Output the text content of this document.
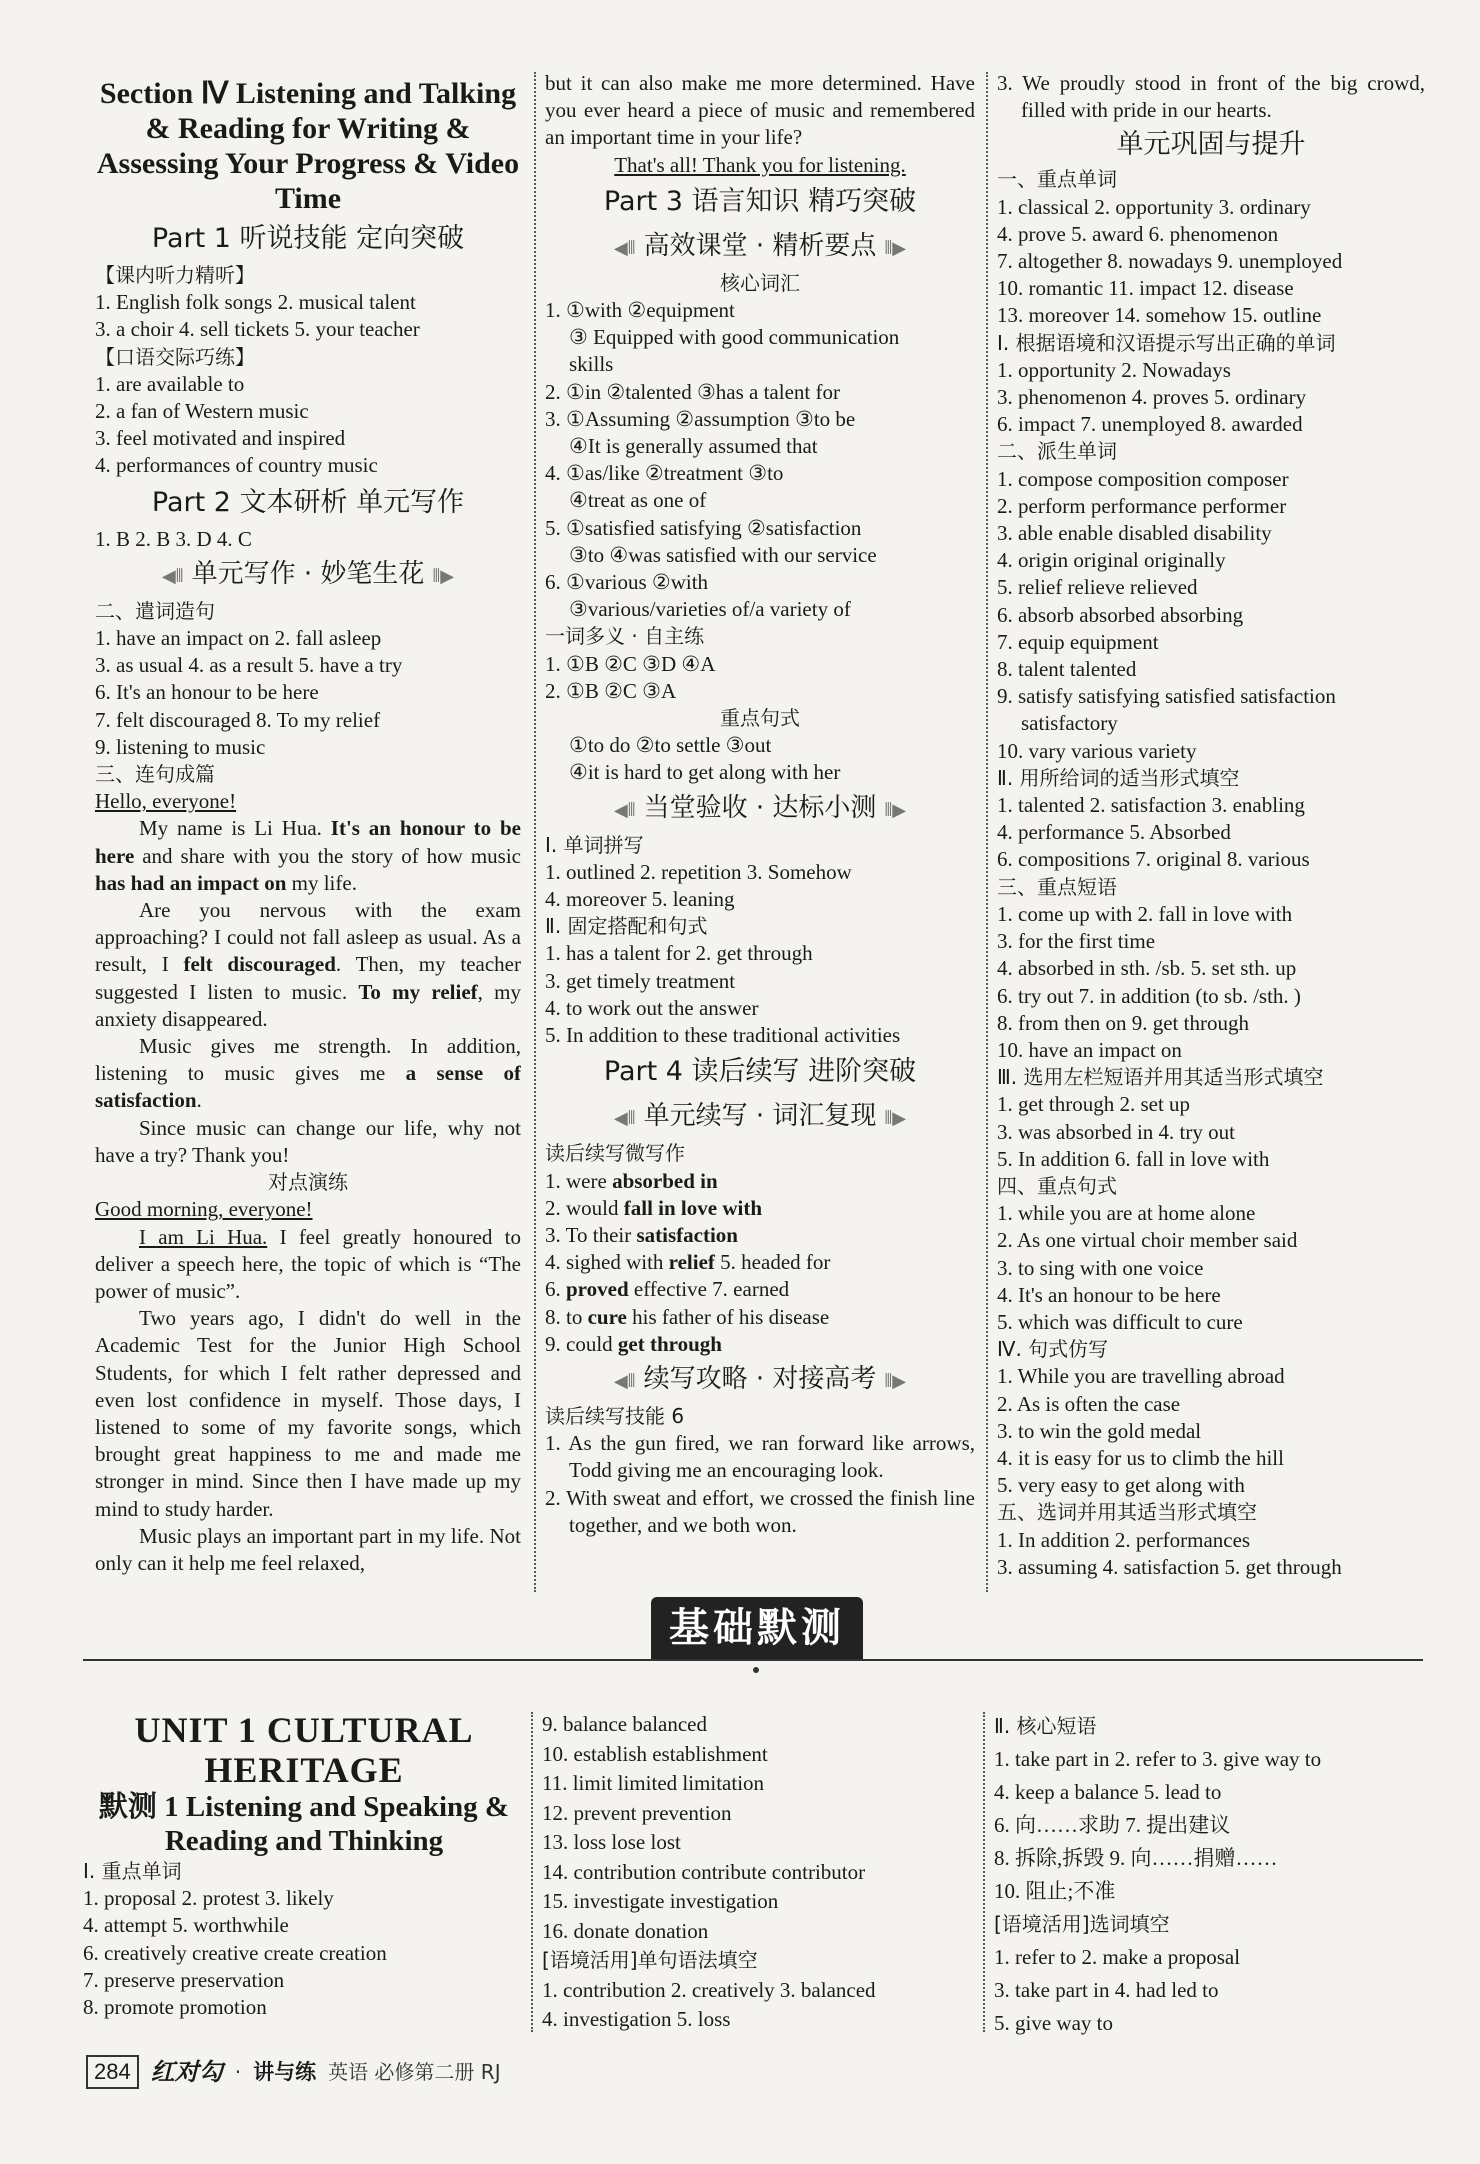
Section Ⅳ Listening and Talking & Reading for Writing & Assessing Your Progress & Video Time

Part 1 听说技能 定向突破

【课内听力精听】

1. English folk songs 2. musical talent

3. a choir 4. sell tickets 5. your teacher

【口语交际巧练】

1. are available to

2. a fan of Western music

3. feel motivated and inspired

4. performances of country music

Part 2 文本研析 单元写作

1. B 2. B 3. D 4. C

◀⦀ 单元写作 · 妙笔生花 ⦀▶

二、遣词造句

1. have an impact on 2. fall asleep

3. as usual 4. as a result 5. have a try

6. It's an honour to be here

7. felt discouraged 8. To my relief

9. listening to music

三、连句成篇

Hello, everyone!

My name is Li Hua. It's an honour to be here and share with you the story of how music has had an impact on my life.

Are you nervous with the exam approaching? I could not fall asleep as usual. As a result, I felt discouraged. Then, my teacher suggested I listen to music. To my relief, my anxiety disappeared.

Music gives me strength. In addition, listening to music gives me a sense of satisfaction.

Since music can change our life, why not have a try? Thank you!

对点演练

Good morning, everyone!

I am Li Hua. I feel greatly honoured to deliver a speech here, the topic of which is “The power of music”.

Two years ago, I didn't do well in the Academic Test for the Junior High School Students, for which I felt rather depressed and even lost confidence in myself. Those days, I listened to some of my favorite songs, which brought great happiness to me and made me stronger in mind. Since then I have made up my mind to study harder.

Music plays an important part in my life. Not only can it help me feel relaxed,

but it can also make me more determined. Have you ever heard a piece of music and remembered an important time in your life?

That's all! Thank you for listening.

Part 3 语言知识 精巧突破

◀⦀ 高效课堂 · 精析要点 ⦀▶

核心词汇

1. ①with ②equipment

③ Equipped with good communication

skills

2. ①in ②talented ③has a talent for

3. ①Assuming ②assumption ③to be

④It is generally assumed that

4. ①as/like ②treatment ③to

④treat as one of

5. ①satisfied satisfying ②satisfaction

③to ④was satisfied with our service

6. ①various ②with

③various/varieties of/a variety of

一词多义 · 自主练

1. ①B ②C ③D ④A

2. ①B ②C ③A

重点句式

①to do ②to settle ③out

④it is hard to get along with her

◀⦀ 当堂验收 · 达标小测 ⦀▶

Ⅰ. 单词拼写

1. outlined 2. repetition 3. Somehow

4. moreover 5. leaning

Ⅱ. 固定搭配和句式

1. has a talent for 2. get through

3. get timely treatment

4. to work out the answer

5. In addition to these traditional activities

Part 4 读后续写 进阶突破

◀⦀ 单元续写 · 词汇复现 ⦀▶

读后续写微写作

1. were absorbed in

2. would fall in love with

3. To their satisfaction

4. sighed with relief 5. headed for

6. proved effective 7. earned

8. to cure his father of his disease

9. could get through

◀⦀ 续写攻略 · 对接高考 ⦀▶

读后续写技能 6

1. As the gun fired, we ran forward like arrows, Todd giving me an encouraging look.

2. With sweat and effort, we crossed the finish line together, and we both won.

3. We proudly stood in front of the big crowd, filled with pride in our hearts.

单元巩固与提升

一、重点单词

1. classical 2. opportunity 3. ordinary

4. prove 5. award 6. phenomenon

7. altogether 8. nowadays 9. unemployed

10. romantic 11. impact 12. disease

13. moreover 14. somehow 15. outline

Ⅰ. 根据语境和汉语提示写出正确的单词

1. opportunity 2. Nowadays

3. phenomenon 4. proves 5. ordinary

6. impact 7. unemployed 8. awarded

二、派生单词

1. compose composition composer

2. perform performance performer

3. able enable disabled disability

4. origin original originally

5. relief relieve relieved

6. absorb absorbed absorbing

7. equip equipment

8. talent talented

9. satisfy satisfying satisfied satisfaction

satisfactory

10. vary various variety

Ⅱ. 用所给词的适当形式填空

1. talented 2. satisfaction 3. enabling

4. performance 5. Absorbed

6. compositions 7. original 8. various

三、重点短语

1. come up with 2. fall in love with

3. for the first time

4. absorbed in sth. /sb. 5. set sth. up

6. try out 7. in addition (to sb. /sth. )

8. from then on 9. get through

10. have an impact on

Ⅲ. 选用左栏短语并用其适当形式填空

1. get through 2. set up

3. was absorbed in 4. try out

5. In addition 6. fall in love with

四、重点句式

1. while you are at home alone

2. As one virtual choir member said

3. to sing with one voice

4. It's an honour to be here

5. which was difficult to cure

Ⅳ. 句式仿写

1. While you are travelling abroad

2. As is often the case

3. to win the gold medal

4. it is easy for us to climb the hill

5. very easy to get along with

五、选词并用其适当形式填空

1. In addition 2. performances

3. assuming 4. satisfaction 5. get through

基础默测

UNIT 1 CULTURAL HERITAGE

默测 1 Listening and Speaking & Reading and Thinking

Ⅰ. 重点单词

1. proposal 2. protest 3. likely

4. attempt 5. worthwhile

6. creatively creative create creation

7. preserve preservation

8. promote promotion

9. balance balanced

10. establish establishment

11. limit limited limitation

12. prevent prevention

13. loss lose lost

14. contribution contribute contributor

15. investigate investigation

16. donate donation

[语境活用]单句语法填空

1. contribution 2. creatively 3. balanced

4. investigation 5. loss

Ⅱ. 核心短语

1. take part in 2. refer to 3. give way to

4. keep a balance 5. lead to

6. 向……求助 7. 提出建议

8. 拆除,拆毁 9. 向……捐赠……

10. 阻止;不准

[语境活用]选词填空

1. refer to 2. make a proposal

3. take part in 4. had led to

5. give way to

284 红对勾 · 讲与练 英语 必修第二册 RJ
